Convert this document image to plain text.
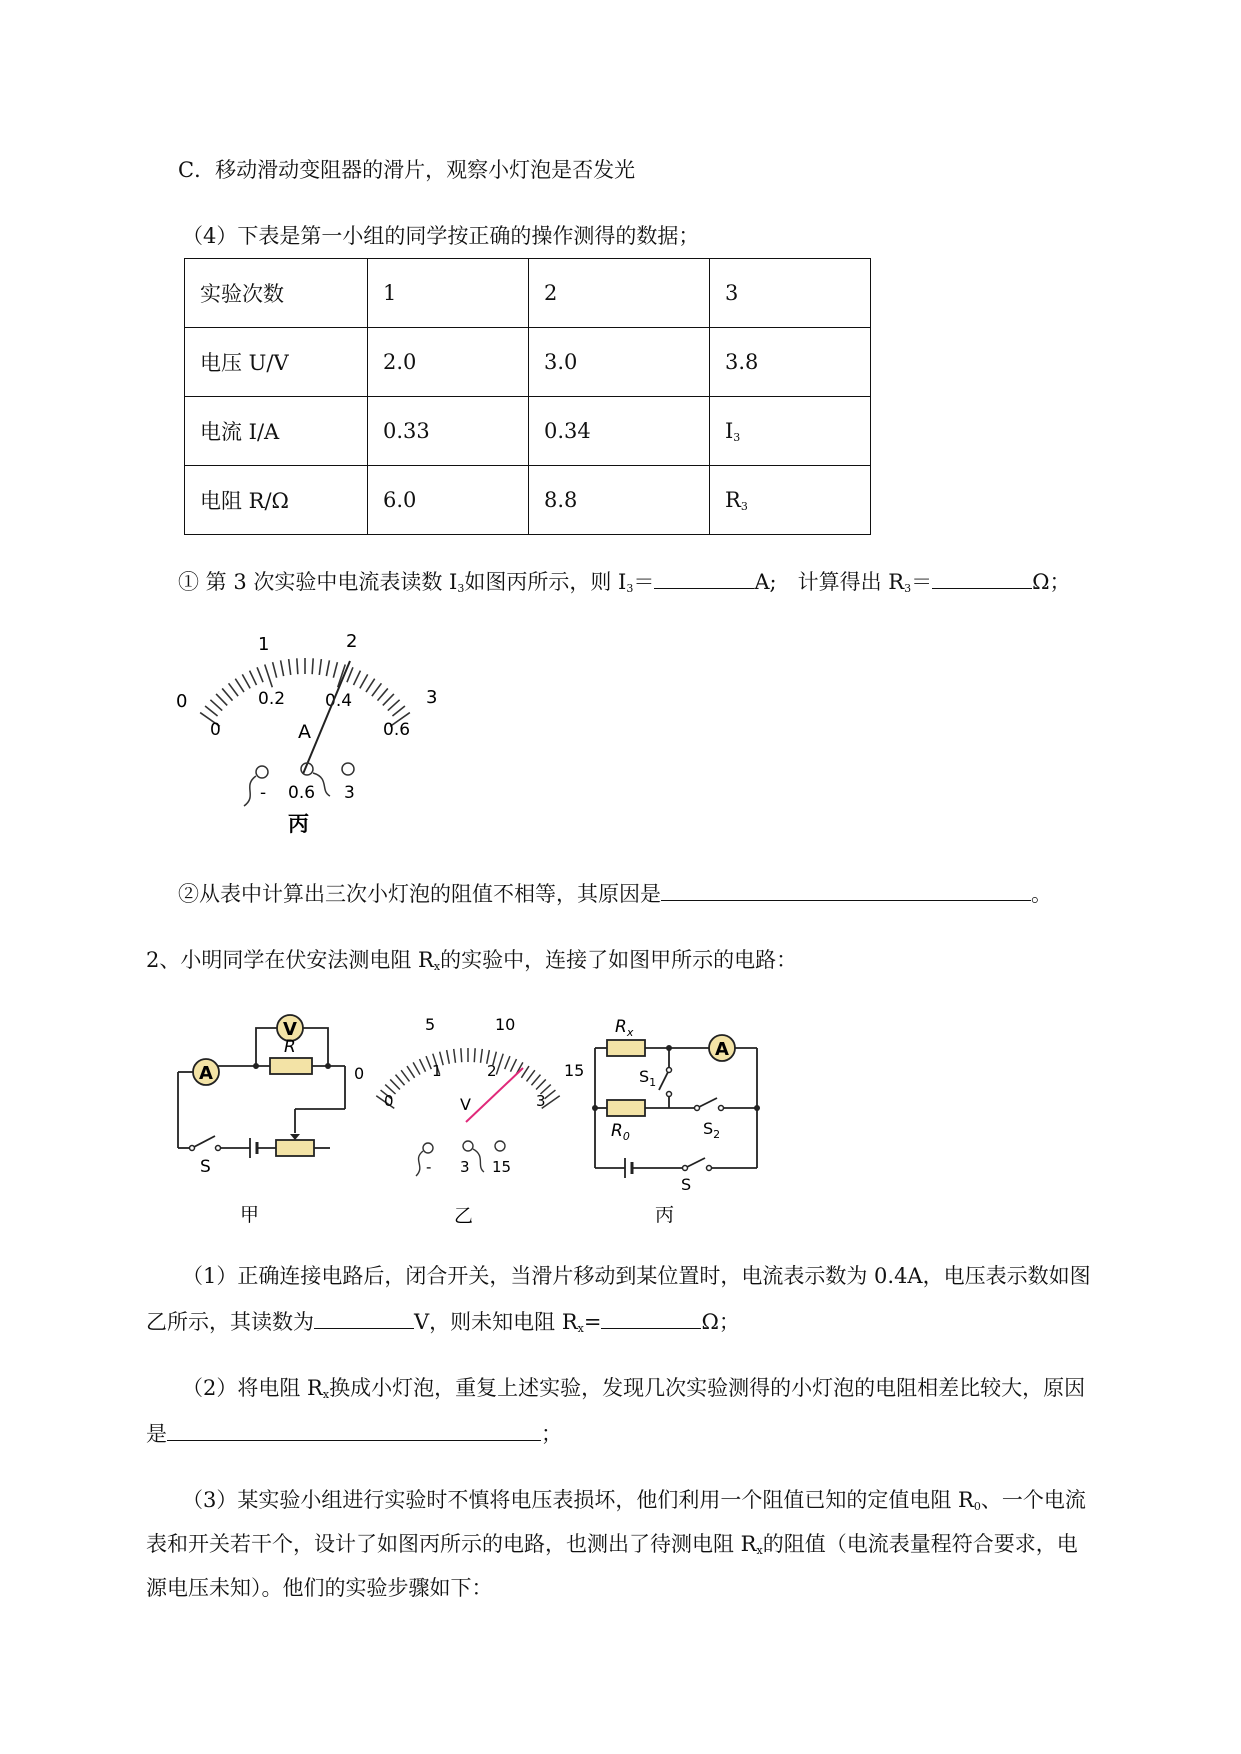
C．移动滑动变阻器的滑片，观察小灯泡是否发光
（4）下表是第一小组的同学按正确的操作测得的数据；
实验次数	1	2	3
电压 U/V	2.0	3.0	3.8
电流 I/A	0.33	0.34	$I_3$
电阻 R/Ω	6.0	8.8	$R_3$
① 第 3 次实验中电流表读数 $I_3$如图丙所示，则 $I_3=$	A;　计算得出 $R_3=$	Ω；
0
1	2
3
0
0.2 0.4
0.6
A
- 0.6 3
丙
②从表中计算出三次小灯泡的阻值不相等，其原因是	。
2、小明同学在伏安法测电阻 $R_x$的实验中，连接了如图甲所示的电路：
V
R
A
S
甲
0
5	10
15
0
1	2
3
V
- 3 15
乙
$R_x$
A
$S_1$
$R_0$	$S_2$
S
丙
（1）正确连接电路后，闭合开关，当滑片移动到某位置时，电流表示数为 0.4A，电压表示数如图
乙所示，其读数为	V，则未知电阻 $R_x=$	Ω；
（2）将电阻 $R_x$换成小灯泡，重复上述实验，发现几次实验测得的小灯泡的电阻相差比较大，原因
是	；
（3）某实验小组进行实验时不慎将电压表损坏，他们利用一个阻值已知的定值电阻 $R_0$、一个电流
表和开关若干个，设计了如图丙所示的电路，也测出了待测电阻 $R_x$的阻值（电流表量程符合要求，电
源电压未知）。他们的实验步骤如下：
